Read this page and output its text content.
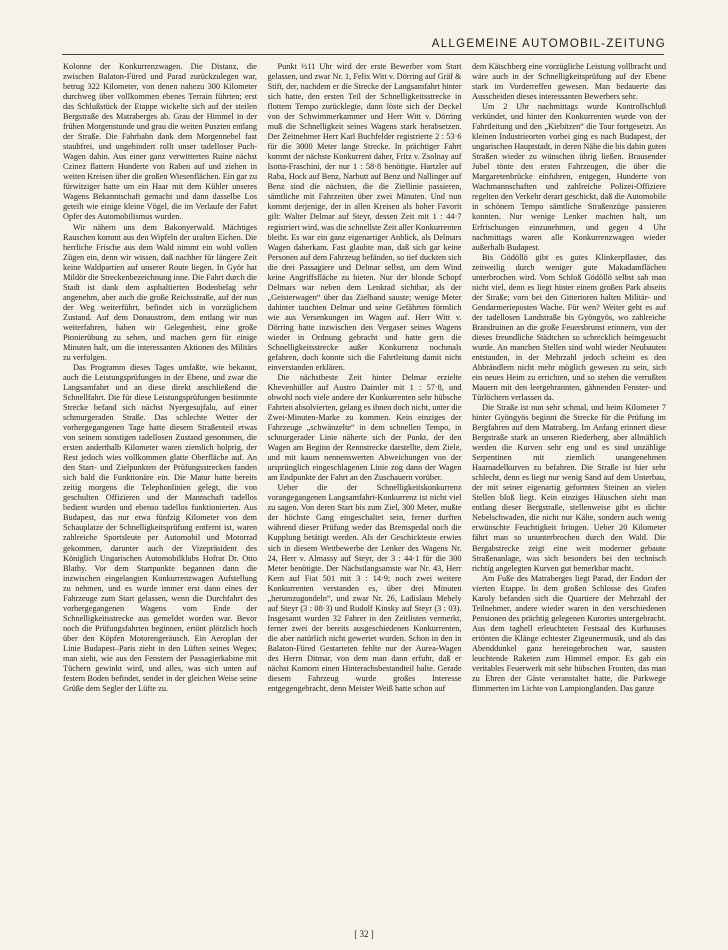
ALLGEMEINE AUTOMOBIL-ZEITUNG

Kolonne der Konkurrenzwagen. Die Distanz, die zwischen Balaton-Füred und Parad zurückzulegen war, betrug 322 Kilometer, von denen nahezu 300 Kilometer durchweg über vollkommen ebenes Terrain führten; erst das Schlußstück der Etappe wickelte sich auf der steilen Bergstraße des Matraberges ab. Grau der Himmel in der frühen Morgenstunde und grau die weiten Puszten entlang der Straße. Die Fahrbahn dank dem Morgennebel fast staubfrei, und ungehindert rollt unser tadelloser Puch-Wagen dahin. Aus einer ganz verwitterten Ruine nächst Czinez flattern Hunderte von Raben auf und ziehen in weiten Kreisen über die großen Wiesenflächen. Ein gar zu fürwitziger hatte um ein Haar mit dem Kühler unseres Wagens Bekanntschaft gemacht und dann dasselbe Los geteilt wie einige kleine Vögel, die im Verlaufe der Fahrt Opfer des Automobilismus wurden.

Wir nähern uns dem Bakonyerwald. Mächtiges Rauschen kommt aus den Wipfeln der uralten Eichen. Die herrliche Frische aus dem Wald nimmt ein wohl vollen Zügen ein, denn wir wissen, daß nachher für längere Zeit keine Waldpartien auf unserer Route liegen. In Györ hat Mildör die Streckenbezeichnung inne. Die Fahrt durch die Stadt ist dank dem asphaltierten Bodenbelag sehr angenehm, aber auch die große Reichsstraße, auf der nun der Weg weiterführt, befindet sich in vorzüglichem Zustand. Auf dem Donaustrom, dem entlang wir nun weiterfahren, haben wir Gelegenheit, eine große Pionierübung zu sehen, und machen gern für einige Minuten halt, um die interessanten Aktionen des Militärs zu verfolgen.

Das Programm dieses Tages umfaßte, wie bekannt, auch die Leistungsprüfungen in der Ebene, und zwar die Langsamfahrt und an diese direkt anschließend die Schnellfahrt. Die für diese Leistungsprüfungen bestimmte Strecke befand sich nächst Nyergesujfalu, auf einer schmurgeraden Straße. Das schlechte Wetter der vorhergegangenen Tage hatte diesem Straßenteil etwas von seinem sonstigen tadellosen Zustand genommen, die ersten anderthalb Kilometer waren ziemlich holprig, der Rest jedoch wies vollkommen glatte Oberfläche auf. An den Start- und Zielpunkten der Prüfungsstrecken fanden sich bald die Funktionäre ein. Die Matur hatte bereits zeitig morgens die Telephonlinien gelegt, die von geschulten Offizieren und der Mannschaft tadellos bedient wurden und ebenso tadellos funktionierten. Aus Budapest, das nur etwa fünfzig Kilometer von dem Schauplatze der Schnelligkeitsprüfung entfernt ist, waren zahlreiche Sportsleute per Automobil und Motorrad gekommen, darunter auch der Vizepräsident des Königlich Ungarischen Automobilklubs Hofrat Dr. Otto Blathy. Vor dem Startpunkte begannen dann die inzwischen eingelangten Konkurrenzwagen Aufstellung zu nehmen, und es wurde immer erst dann eines der Fahrzeuge zum Start gelassen, wenn die Durchfahrt des vorhergegangenen Wagens vom Ende der Schnelligkeitsstrecke aus gemeldet worden war. Bevor noch die Prüfungsfahrten beginnen, ertönt plötzlich hoch über den Köpfen Motorengeräusch. Ein Aeroplan der Linie Budapest–Paris zieht in den Lüften seines Weges; man sieht, wie aus den Fenstern der Passagierkabine mit Tüchern gewinkt wird, und alles, was sich unten auf festem Boden befindet, sendet in der gleichen Weise seine Grüße dem Segler der Lüfte zu.

Punkt ½11 Uhr wird der erste Bewerber vom Start gelassen, und zwar Nr. 1, Felix Witt v. Dörring auf Gräf & Stift, der, nachdem er die Strecke der Langsamfahrt hinter sich hatte, den ersten Teil der Schnelligkeitsstrecke in flottem Tempo zurücklegte, dann löste sich der Deckel von der Schwimmerkammer und Herr Witt v. Dörring muß die Schnelligkeit seines Wagens stark herabsetzen. Der Zeitnehmer Herr Karl Buchfelder registrierte 2 : 53·6 für die 3000 Meter lange Strecke. In prächtiger Fahrt kommt der nächste Konkurrent daher, Fritz v. Zsolnay auf Isotta-Fraschini, der nur 1 : 58·8 benötigte. Hartzler auf Raba, Hock auf Benz, Narbutt auf Benz und Nallinger auf Benz sind die nächsten, die die Ziellinie passieren, sämtliche mit Fahrzeiten über zwei Minuten. Und nun kommt derjenige, der in allen Kreisen als hoher Favorit gilt: Walter Delmar auf Steyr, dessen Zeit mit 1 : 44·7 registriert wird, was die schnellste Zeit aller Konkurrenten bleibt. Es war ein ganz eigenartiger Anblick, als Delmars Wagen daherkam. Fast glaubte man, daß sich gar keine Personen auf dem Fahrzeug befänden, so tief duckten sich die drei Passagiere und Delmar selbst, um dem Wind keine Angriffsfläche zu bieten. Nur der blonde Schopf Delmars war neben dem Lenkrad sichtbar, als der „Geisterwagen“ über das Zielband sauste; wenige Meter dahinter tauchten Delmar und seine Gefährten förmlich wie aus Versenkungen im Wagen auf. Herr Witt v. Dörring hatte inzwischen den Vergaser seines Wagens wieder in Ordnung gebracht und hatte gern die Schnelligkeitsstrecke außer Konkurrenz nochmals gefahren, doch konnte sich die Fahrtleitung damit nicht einverstanden erklären.

Die nächstbeste Zeit hinter Delmar erzielte Khevenhüller auf Austro Daimler mit 1 : 57·8, und obwohl noch viele andere der Konkurrenten sehr hübsche Fahrten absolvierten, gelang es ihnen doch nicht, unter die Zwei-Minuten-Marke zu kommen. Kein einziges der Fahrzeuge „schwänzelte“ in dem schnellen Tempo, in schnurgerader Linie näherte sich der Punkt, der den Wagen am Beginn der Rennstrecke darstellte, dem Ziele, und mit kaum nennenswerten Abweichungen von der ursprünglich eingeschlagenen Linie zog dann der Wagen am Endpunkte der Fahrt an den Zuschauern vorüber.

Ueber die der Schnelligkeitskonkurrenz vorangegangenen Langsamfahrt-Konkurrenz ist nicht viel zu sagen. Von deren Start bis zum Ziel, 300 Meter, mußte der höchste Gang eingeschaltet sein, ferner durften während dieser Prüfung weder das Bremspedal noch die Kupplung betätigt werden. Als der Geschickteste erwies sich in diesem Wettbewerbe der Lenker des Wagens Nr. 24, Herr v. Almassy auf Steyr, der 3 : 44·1 für die 300 Meter benötigte. Der Nächstlangsamste war Nr. 43, Herr Kern auf Fiat 501 mit 3 : 14·9; noch zwei weitere Konkurrenten verstanden es, über drei Minuten „herumzugondeln“, und zwar Nr. 26, Ladislaus Mehely auf Steyr (3 : 08·3) und Rudolf Kinsky auf Steyr (3 : 03). Insgesamt wurden 32 Fahrer in den Zeitlisten vermerkt, ferner zwei der bereits ausgeschiedenen Konkurrenten, die aber natürlich nicht gewertet wurden. Schon in den in Balaton-Füred Gestarteten fehlte nur der Aurea-Wagen des Herrn Ditmar, von dem man dann erfuhr, daß er nächst Komorn einen Hinterachsbestandteil halte. Gerade diesem Fahrzeug wurde großes Interesse entgegengebracht, denn Meister Weiß hatte schon auf

dem Kätschberg eine vorzügliche Leistung vollbracht und wäre auch in der Schnelligkeitsprüfung auf der Ebene stark im Vorderreffen gewesen. Man bedauerte das Ausscheiden dieses interessanten Bewerbers sehr.

Um 2 Uhr nachmittags wurde Kontrollschluß verkündet, und hinter den Konkurrenten wurde von der Fahrtleitung und den „Kiebitzen“ die Tour fortgesetzt. An kleinen Industrieorten vorbei ging es nach Budapest, der ungarischen Hauptstadt, in deren Nähe die bis dahin guten Straßen wieder zu wünschen übrig ließen. Brausender Jubel tönte den ersten Fahrzeugen, die über die Margaretenbrücke einfuhren, entgegen, Hunderte von Wachmannschaften und zahlreiche Polizei-Offiziere regelten den Verkehr derart geschickt, daß die Automobile in schönem Tempo sämtliche Straßenzüge passieren konnten. Nur wenige Lenker machten halt, um Erfrischungen einzunehmen, und gegen 4 Uhr nachmittags waren alle Konkurrenzwagen wieder außerhalb Budapest.

Bis Gödöllö gibt es gutes Klinkerpflaster, das zeitweilig durch weniger gute Makadamflächen unterbrochen wird. Vom Schloß Gödöllö selbst sah man nicht viel, denn es liegt hinter einem großen Park abseits der Straße; vorn bei den Gittertoren halten Militär- und Gendarmerieposten Wache. Für wen? Weiter geht es auf der tadellosen Landstraße bis Gyöngyös, wo zahlreiche Brandruinen an die große Feuersbrunst erinnern, von der dieses freundliche Städtchen so schrecklich heimgesucht wurde. An manchen Stellen sind wohl wieder Neubauten entstanden, in der Mehrzahl jedoch scheint es den Abbrändlern nicht mehr möglich gewesen zu sein, sich ein neues Heim zu errichten, und so stehen die verrußten Mauern mit den leergebrannten, gähnenden Fenster- und Türlöchern verlassen da.

Die Straße ist nun sehr schmal, und beim Kilometer 7 hinter Gyöngyös beginnt die Strecke für die Prüfung im Bergfahren auf dem Matraberg. Im Anfang erinnert diese Bergstraße stark an unseren Riederberg, aber allmählich werden die Kurven sehr eng und es sind unzählige Serpentinen mit ziemlich unangenehmen Haarnadelkurven zu befahren. Die Straße ist hier sehr schlecht, denn es liegt nur wenig Sand auf dem Unterbau, der mit seiner eigenartig geformten Steinen an vielen Stellen bloß liegt. Kein einziges Häuschen sieht man entlang dieser Bergstraße, stellenweise gibt es dichte Nebelschwaden, die nicht nur Kälte, sondern auch wenig erwünschte Feuchtigkeit bringen. Ueber 20 Kilometer fährt man so ununterbrochen durch den Wald. Die Bergabstrecke zeigt eine weit moderner gebaute Straßenanlage, was sich besonders bei den technisch richtig angelegten Kurven gut bemerkbar macht.

Am Fuße des Matraberges liegt Parad, der Endort der vierten Etappe. In dem großen Schlosse des Grafen Karoly befanden sich die Quartiere der Mehrzahl der Teilnehmer, andere wieder waren in den verschiedenen Pensionen des prächtig gelegenen Kurortes untergebracht. Aus dem taghell erleuchteten Festsaal des Kurhauses ertönten die Klänge echtester Zigeunermusik, und als das Abenddunkel ganz hereingebrochen war, sausten leuchtende Raketen zum Himmel empor. Es gab ein veritables Feuerwerk mit sehr hübschen Fronten, das man zu Ehren der Gäste veranstaltet hatte, die Parkwege flimmerten im Lichte von Lampionglanden. Das ganze

[ 32 ]
